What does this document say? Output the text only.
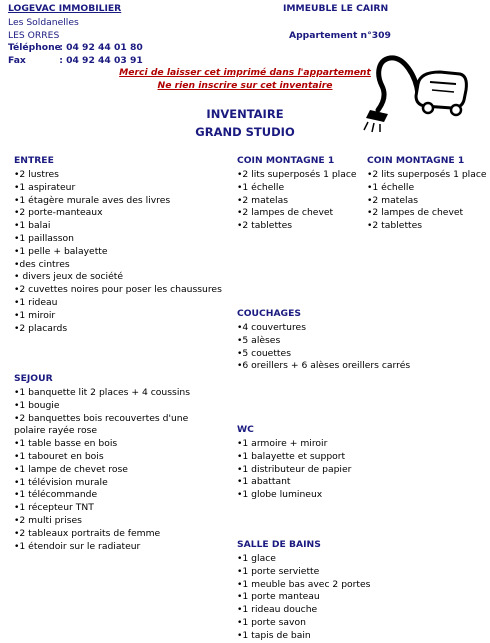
LOGEVAC IMMOBILIER
Les Soldanelles
LES ORRES
Téléphone : 04 92 44 01 80
Fax	: 04 92 44 03 91
IMMEUBLE LE CAIRN
Appartement n°309
Merci de laisser cet imprimé dans l'appartement
Ne rien inscrire sur cet inventaire
INVENTAIRE
GRAND STUDIO
ENTREE
•2 lustres
•1 aspirateur
•1 étagère murale aves des livres
•2 porte-manteaux
•1 balai
•1 paillasson
•1 pelle + balayette
•des cintres
• divers jeux de société
•2 cuvettes noires pour poser les chaussures
•1 rideau
•1 miroir
•2 placards
SEJOUR
•1 banquette lit 2 places + 4 coussins
•1 bougie
•2 banquettes bois recouvertes d'une polaire rayée rose
•1 table basse en bois
•1 tabouret en bois
•1 lampe de chevet rose
•1 télévision murale
•1 télécommande
•1 récepteur TNT
•2 multi prises
•2 tableaux portraits de femme
•1 étendoir sur le radiateur
COIN MONTAGNE 1
•2 lits superposés 1 place
•1 échelle
•2 matelas
•2 lampes de chevet
•2 tablettes
COIN MONTAGNE 1
•2 lits superposés 1 place
•1 échelle
•2 matelas
•2 lampes de chevet
•2 tablettes
COUCHAGES
•4 couvertures
•5 alèses
•5 couettes
•6 oreillers + 6 alèses oreillers carrés
WC
•1 armoire + miroir
•1 balayette et support
•1 distributeur de papier
•1 abattant
•1 globe lumineux
SALLE DE BAINS
•1 glace
•1 porte serviette
•1 meuble bas avec 2 portes
•1 porte manteau
•1 rideau douche
•1 porte savon
•1 tapis de bain
